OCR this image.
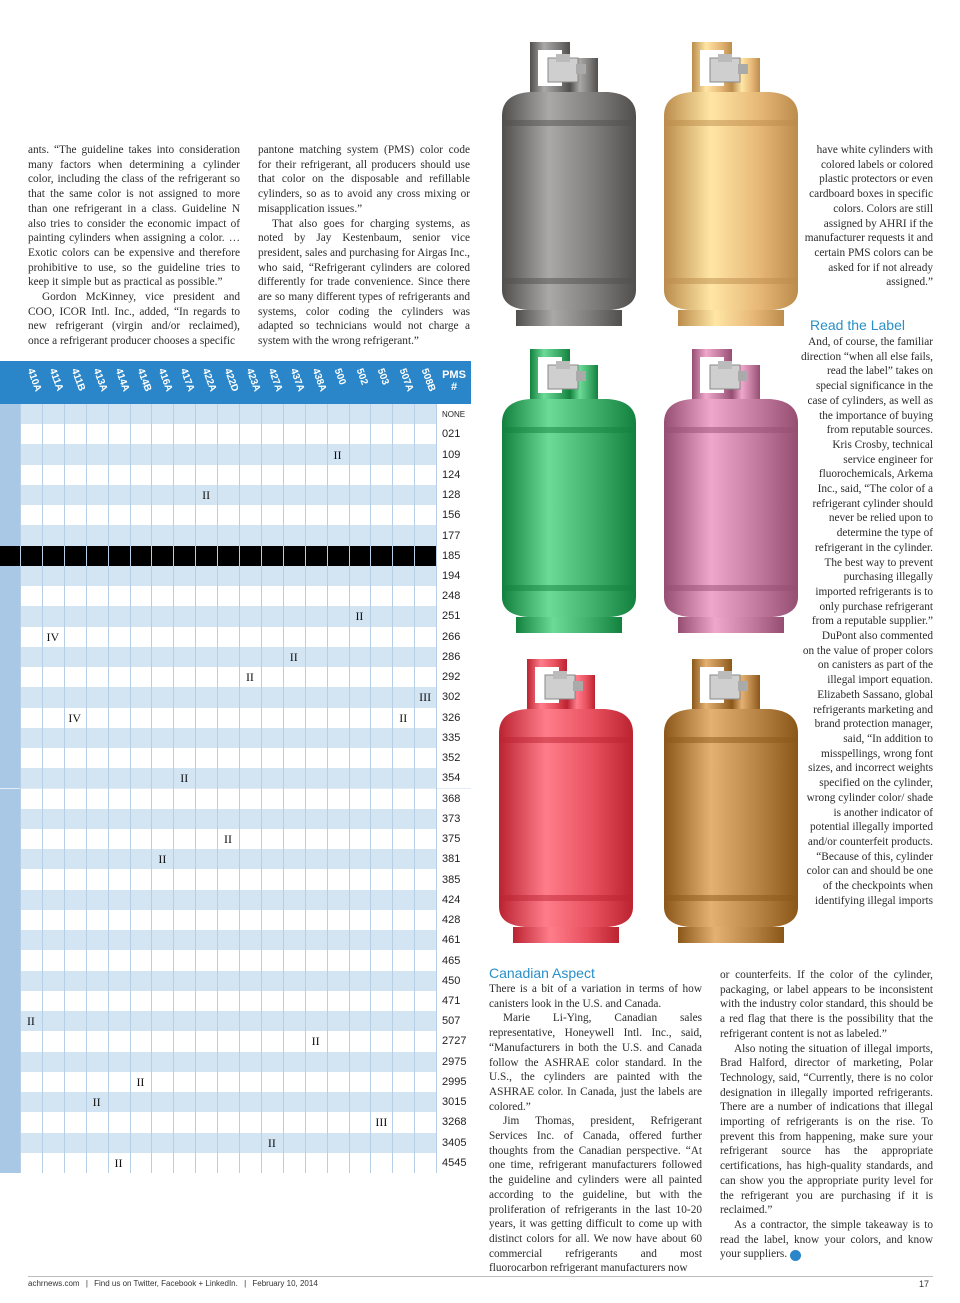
ants. “The guideline takes into consideration many factors when determining a cylinder color, including the class of the refrigerant so that the same color is not assigned to more than one refrigerant in a class. Guideline N also tries to consider the economic impact of painting cylinders when assigning a color. … Exotic colors can be expensive and therefore prohibitive to use, so the guideline tries to keep it simple but as practical as possible.”

Gordon McKinney, vice president and COO, ICOR Intl. Inc., added, “In regards to new refrigerant (virgin and/or reclaimed), once a refrigerant producer chooses a specific

pantone matching system (PMS) color code for their refrigerant, all producers should use that color on the disposable and refillable cylinders, so as to avoid any cross mixing or misapplication issues.”

That also goes for charging systems, as noted by Jay Kestenbaum, senior vice president, sales and purchasing for Airgas Inc., who said, “Refrigerant cylinders are colored differently for trade convenience. Since there are so many different types of refrigerants and systems, color coding the cylinders was adapted so technicians would not charge a system with the wrong refrigerant.”

have white cylinders with colored labels or colored plastic protectors or even cardboard boxes in specific colors. Colors are still assigned by AHRI if the manufacturer requests it and certain PMS colors can be asked for if not already assigned.”

Read the Label

And, of course, the familiar direction “when all else fails, read the label” takes on special significance in the case of cylinders, as well as the importance of buying from reputable sources.

Kris Crosby, technical service engineer for fluorochemicals, Arkema Inc., said, “The color of a refrigerant cylinder should never be relied upon to determine the type of refrigerant in the cylinder. The best way to prevent purchasing illegally imported refrigerants is to only purchase refrigerant from a reputable supplier.”

DuPont also commented on the value of proper colors on canisters as part of the illegal import equation. Elizabeth Sassano, global refrigerants marketing and brand protection manager, said, “In addition to misspellings, wrong font sizes, and incorrect weights specified on the cylinder, wrong cylinder color/ shade is another indicator of potential illegally imported and/or counterfeit products.

“Because of this, cylinder color can and should be one of the checkpoints when identifying illegal imports

Canadian Aspect

There is a bit of a variation in terms of how canisters look in the U.S. and Canada.

Marie Li-Ying, Canadian sales representative, Honeywell Intl. Inc., said, “Manufacturers in both the U.S. and Canada follow the ASHRAE color standard. In the U.S., the cylinders are painted with the ASHRAE color. In Canada, just the labels are colored.”

Jim Thomas, president, Refrigerant Services Inc. of Canada, offered further thoughts from the Canadian perspective. “At one time, refrigerant manufacturers followed the guideline and cylinders were all painted according to the guideline, but with the proliferation of refrigerants in the last 10-20 years, it was getting difficult to come up with distinct colors for all. We now have about 60 commercial refrigerants and most fluorocarbon refrigerant manufacturers now

or counterfeits. If the color of the cylinder, packaging, or label appears to be inconsistent with the industry color standard, this should be a red flag that there is the possibility that the refrigerant content is not as labeled.”

Also noting the situation of illegal imports, Brad Halford, director of marketing, Polar Technology, said, “Currently, there is no color designation in illegally imported refrigerants. There are a number of indications that illegal importing of refrigerants is on the rise. To prevent this from happening, make sure your refrigerant source has the appropriate certifications, has high-quality standards, and can show you the appropriate purity level for the refrigerant you are purchasing if it is reclaimed.”

As a contractor, the simple takeaway is to read the label, know your colors, and know your suppliers. N

410A 411A 411B 413A 414A 414B 416A 417A 422A 422D 423A 427A 437A 438A 500 502 503 507A 508B PMS #
NONE
021
109
II
124
128
II
156
177
185
194
248
251
II
266
IV
286
II
292
II
302
III
326
IV	II
335
352
354
II
368
373
375
II
381
II
385
424
428
461
465
450
471
507
II
2727
II
2975
2995
II
3015
II
3268
III
3405
II
4545
II
achrnews.com | Find us on Twitter, Facebook + LinkedIn. | February 10, 2014	17
